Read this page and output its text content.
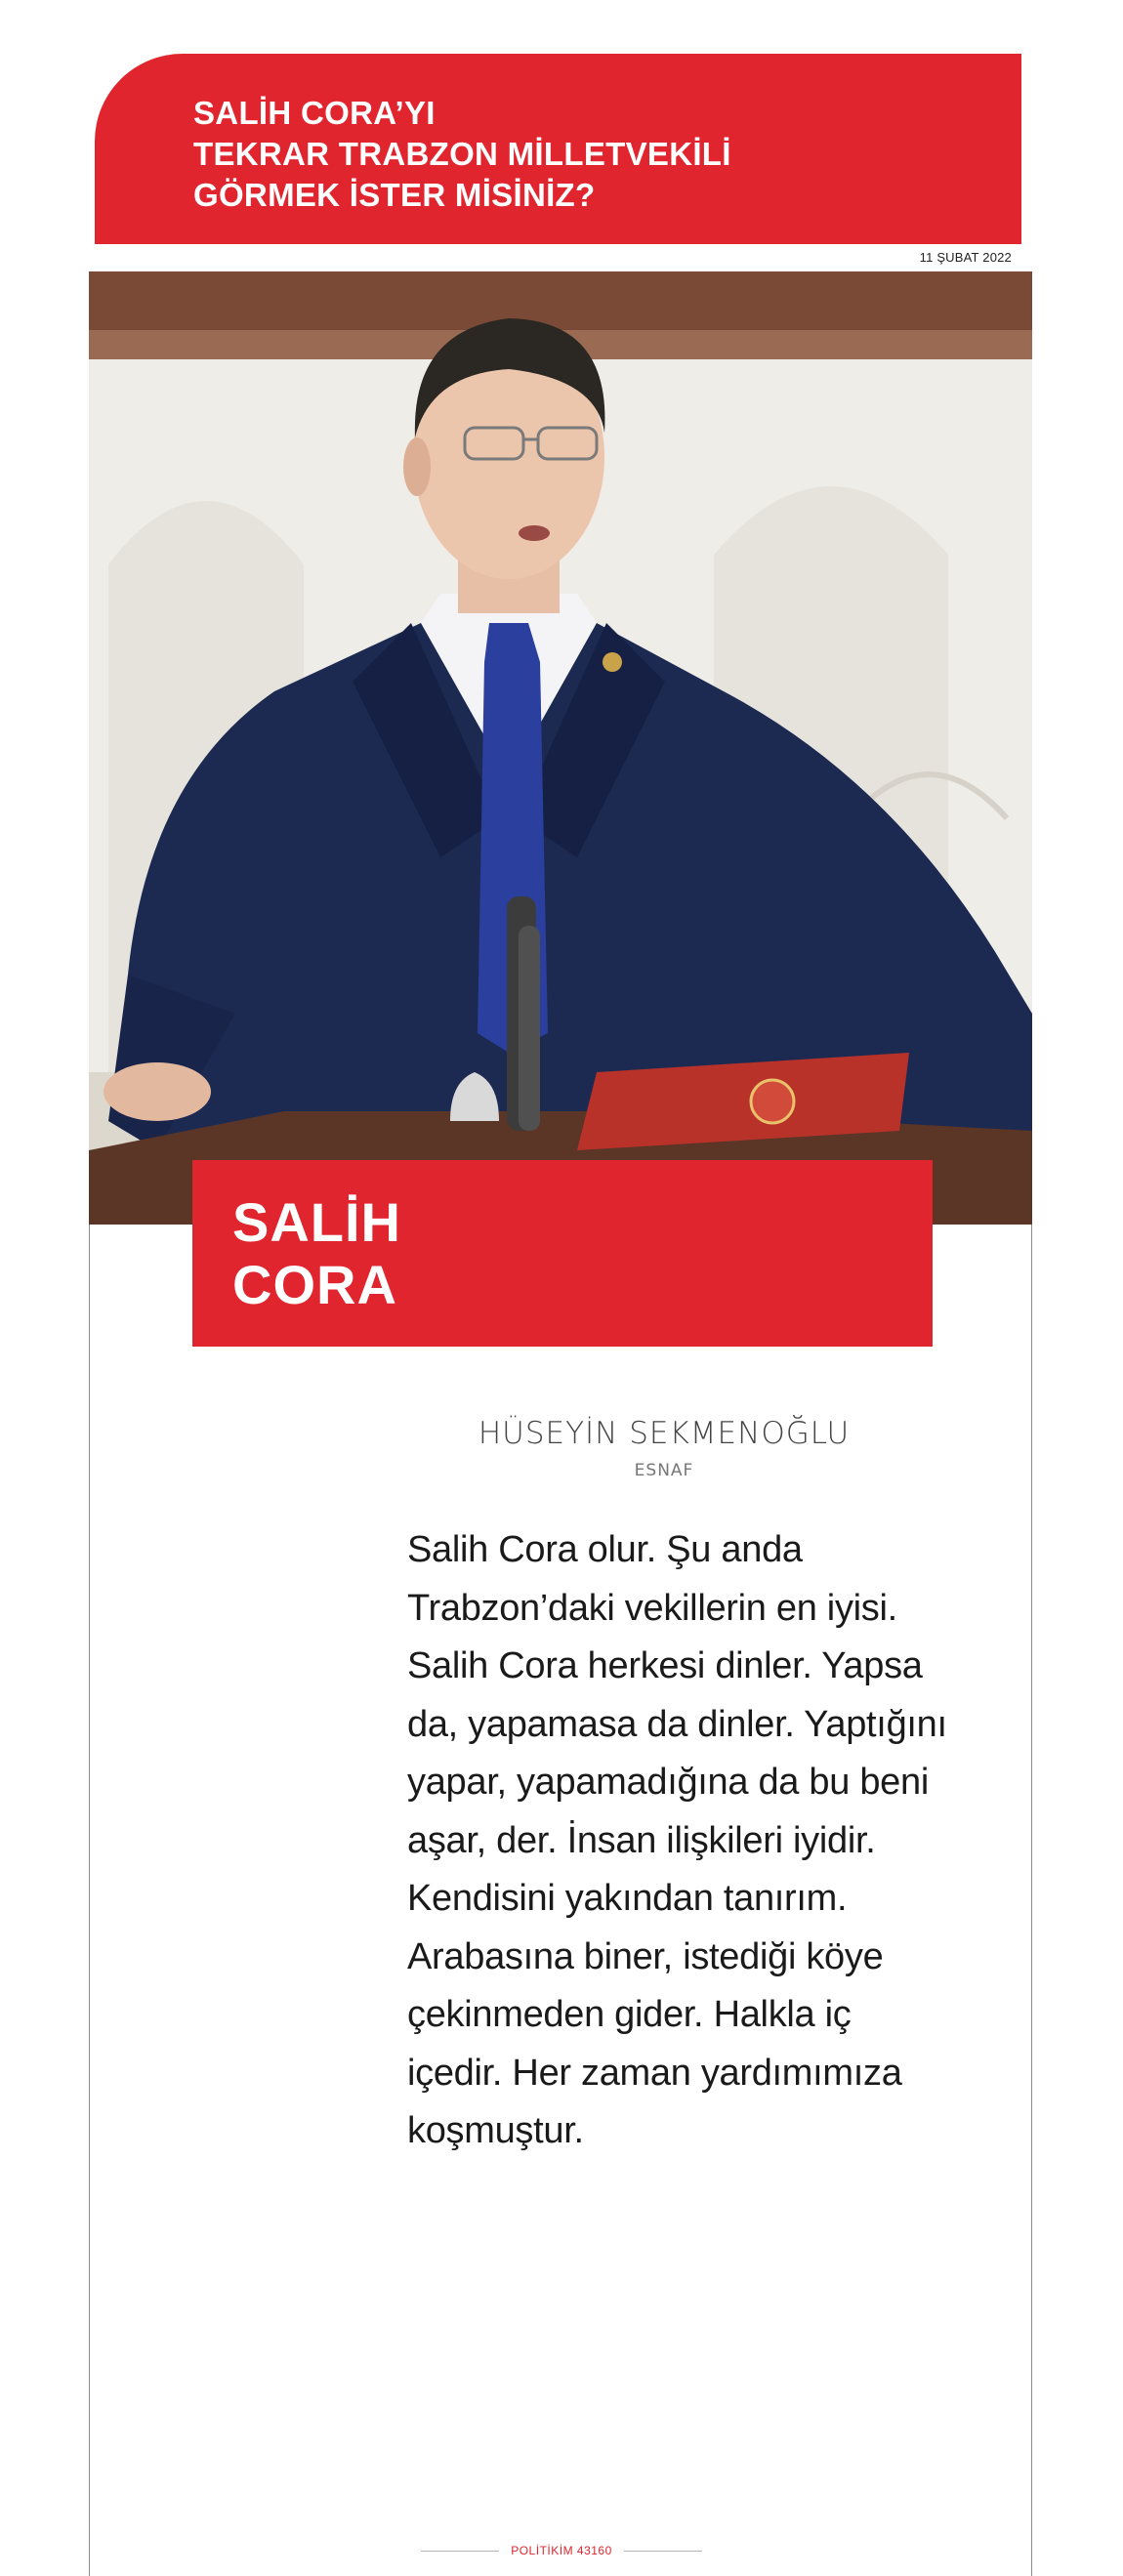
SALİH CORA’YI
TEKRAR TRABZON MİLLETVEKİLİ
GÖRMEK İSTER MİSİNİZ?
11 ŞUBAT 2022
SALİH
CORA
HÜSEYİN SEKMENOĞLU
ESNAF

Salih Cora olur. Şu anda
Trabzon’daki vekillerin en iyisi.
Salih Cora herkesi dinler. Yapsa
da, yapamasa da dinler. Yaptığını
yapar, yapamadığına da bu beni
aşar, der. İnsan ilişkileri iyidir.
Kendisini yakından tanırım.
Arabasına biner, istediği köye
çekinmeden gider. Halkla iç
içedir. Her zaman yardımımıza
koşmuştur.

POLİTİKİM 43160
